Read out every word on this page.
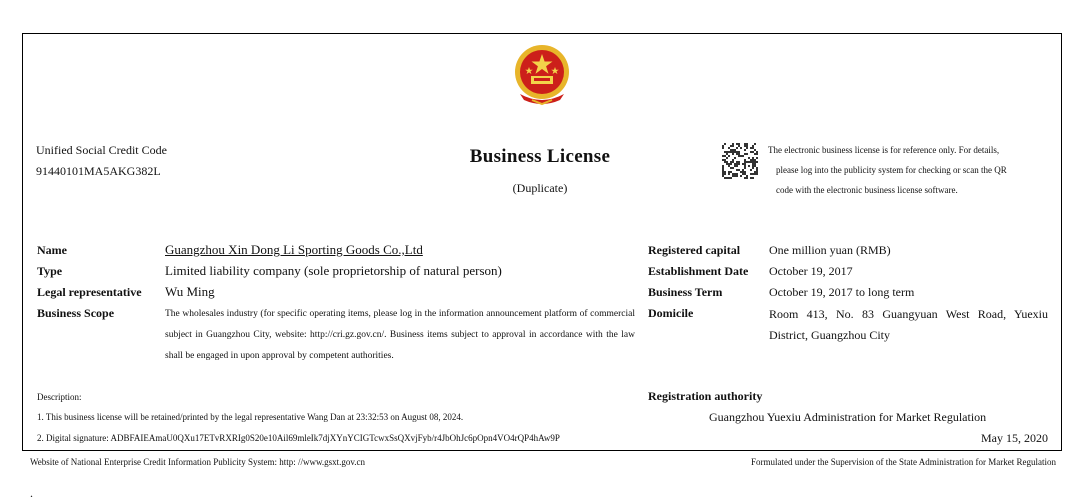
Unified Social Credit Code
91440101MA5AKG382L
Business License
(Duplicate)
The electronic business license is for reference only. For details,
please log into the publicity system for checking or scan the QR
code with the electronic business license software.
Name	Guangzhou Xin Dong Li Sporting Goods Co.,Ltd
Type	Limited liability company (sole proprietorship of natural person)
Legal representative Wu Ming
Business Scope	The wholesales industry (for specific operating items, please log in the information announcement platform of commercial subject in Guangzhou City, website: http://cri.gz.gov.cn/. Business items subject to approval in accordance with the law shall be engaged in upon approval by competent authorities.
Registered capital One million yuan (RMB)
Establishment Date October 19, 2017
Business Term	October 19, 2017 to long term
Domicile	Room 413, No. 83 Guangyuan West Road, Yuexiu District, Guangzhou City
Description:
1. This business license will be retained/printed by the legal representative Wang Dan at 23:32:53 on August 08, 2024.
2. Digital signature: ADBFAIEAmaU0QXu17ETvRXRIg0S20e10Ail69mleIk7djXYnYCIGTcwxSsQXvjFyb/r4JbOhJc6pOpn4VO4rQP4hAw9P
Registration authority
Guangzhou Yuexiu Administration for Market Regulation
May 15, 2020
Website of National Enterprise Credit Information Publicity System: http: //www.gsxt.gov.cn	Formulated under the Supervision of the State Administration for Market Regulation
.
